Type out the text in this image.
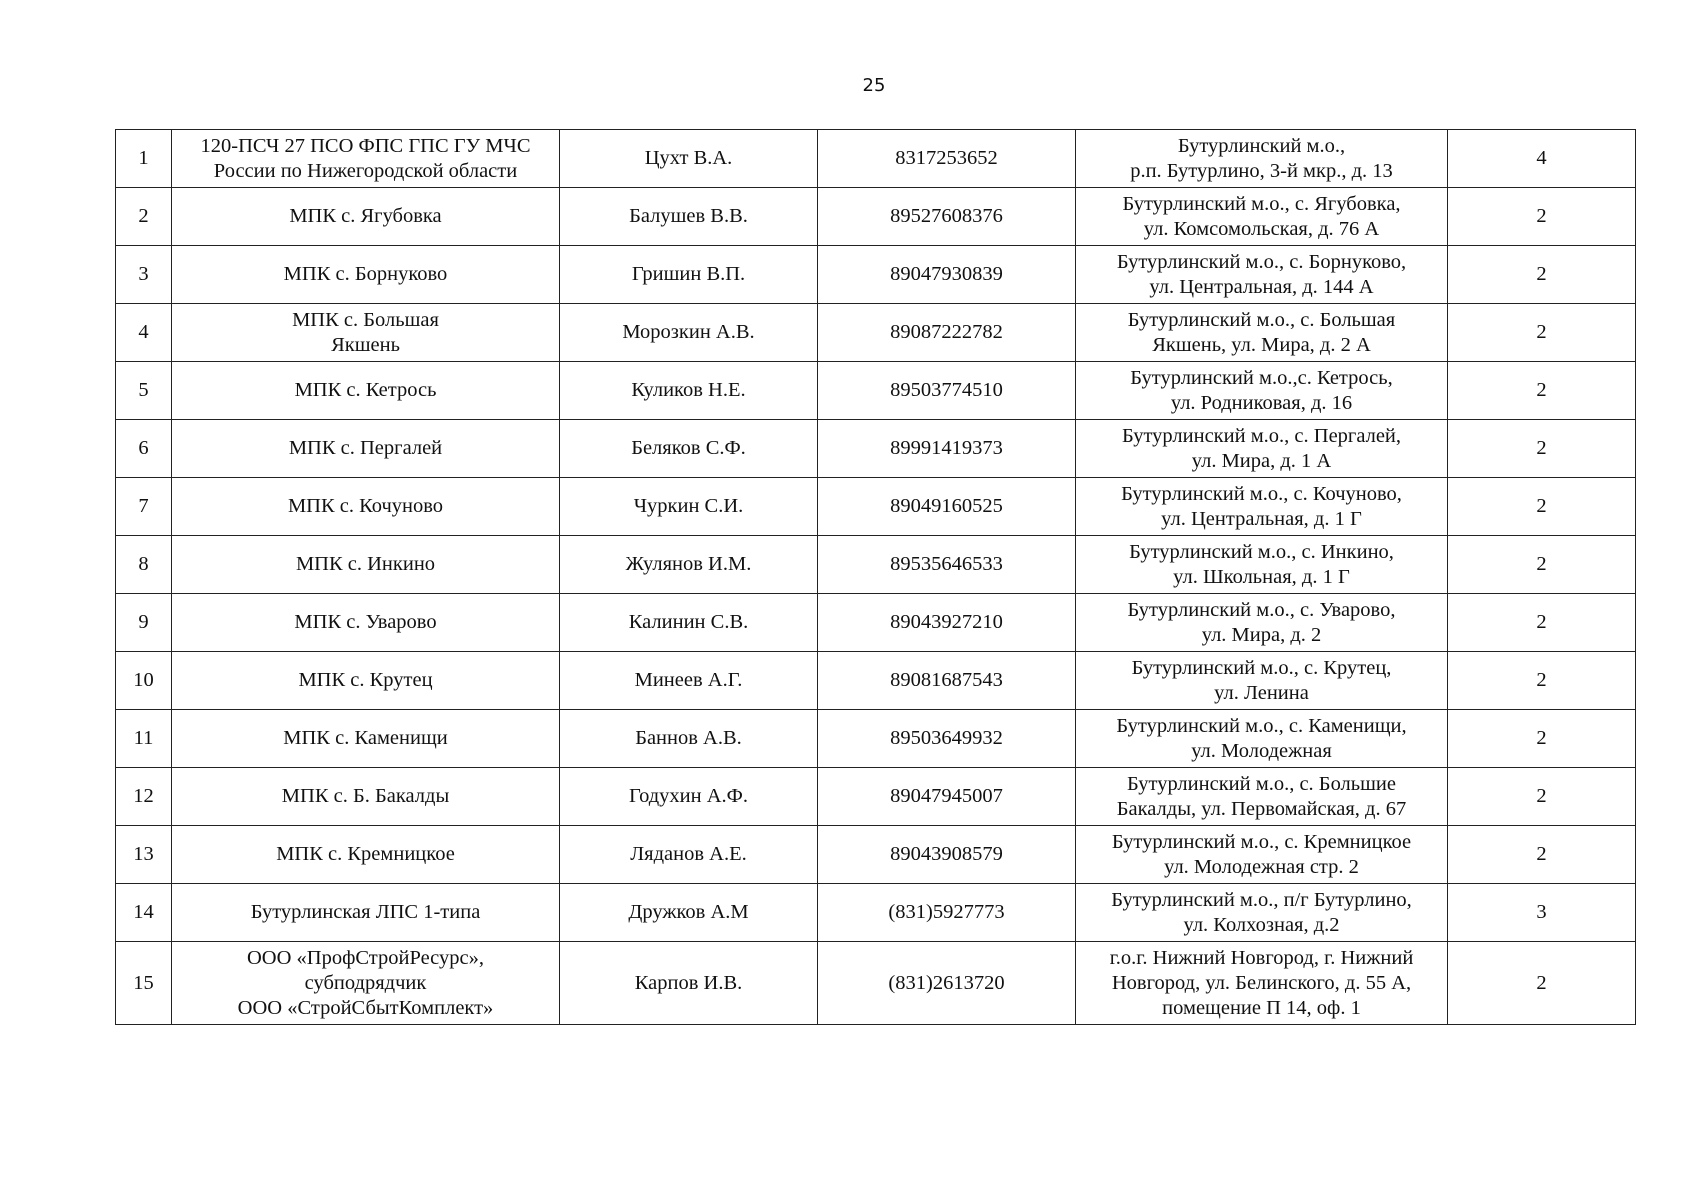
25
1	120-ПСЧ 27 ПСО ФПС ГПС ГУ МЧС
России по Нижегородской области	Цухт В.А.	8317253652	Бутурлинский м.о.,
р.п. Бутурлино, 3-й мкр., д. 13	4
2	МПК с. Ягубовка	Балушев В.В.	89527608376	Бутурлинский м.о., с. Ягубовка,
ул. Комсомольская, д. 76 А	2
3	МПК с. Борнуково	Гришин В.П.	89047930839	Бутурлинский м.о., с. Борнуково,
ул. Центральная, д. 144 А	2
4	МПК с. Большая
Якшень	Морозкин А.В.	89087222782	Бутурлинский м.о., с. Большая
Якшень, ул. Мира, д. 2 А	2
5	МПК с. Кетрось	Куликов Н.Е.	89503774510	Бутурлинский м.о.,с. Кетрось,
ул. Родниковая, д. 16	2
6	МПК с. Пергалей	Беляков С.Ф.	89991419373	Бутурлинский м.о., с. Пергалей,
ул. Мира, д. 1 А	2
7	МПК с. Кочуново	Чуркин С.И.	89049160525	Бутурлинский м.о., с. Кочуново,
ул. Центральная, д. 1 Г	2
8	МПК с. Инкино	Жулянов И.М.	89535646533	Бутурлинский м.о., с. Инкино,
ул. Школьная, д. 1 Г	2
9	МПК с. Уварово	Калинин С.В.	89043927210	Бутурлинский м.о., с. Уварово,
ул. Мира, д. 2	2
10	МПК с. Крутец	Минеев А.Г.	89081687543	Бутурлинский м.о., с. Крутец,
ул. Ленина	2
11	МПК с. Каменищи	Баннов А.В.	89503649932	Бутурлинский м.о., с. Каменищи,
ул. Молодежная	2
12	МПК с. Б. Бакалды	Годухин А.Ф.	89047945007	Бутурлинский м.о., с. Большие
Бакалды, ул. Первомайская, д. 67	2
13	МПК с. Кремницкое	Ляданов А.Е.	89043908579	Бутурлинский м.о., с. Кремницкое
ул. Молодежная стр. 2	2
14	Бутурлинская ЛПС 1-типа	Дружков А.М	(831)5927773	Бутурлинский м.о., п/г Бутурлино,
ул. Колхозная, д.2	3
15	ООО «ПрофСтройРесурс»,
субподрядчик
ООО «СтройСбытКомплект»	Карпов И.В.	(831)2613720	г.о.г. Нижний Новгород, г. Нижний
Новгород, ул. Белинского, д. 55 А,
помещение П 14, оф. 1	2
